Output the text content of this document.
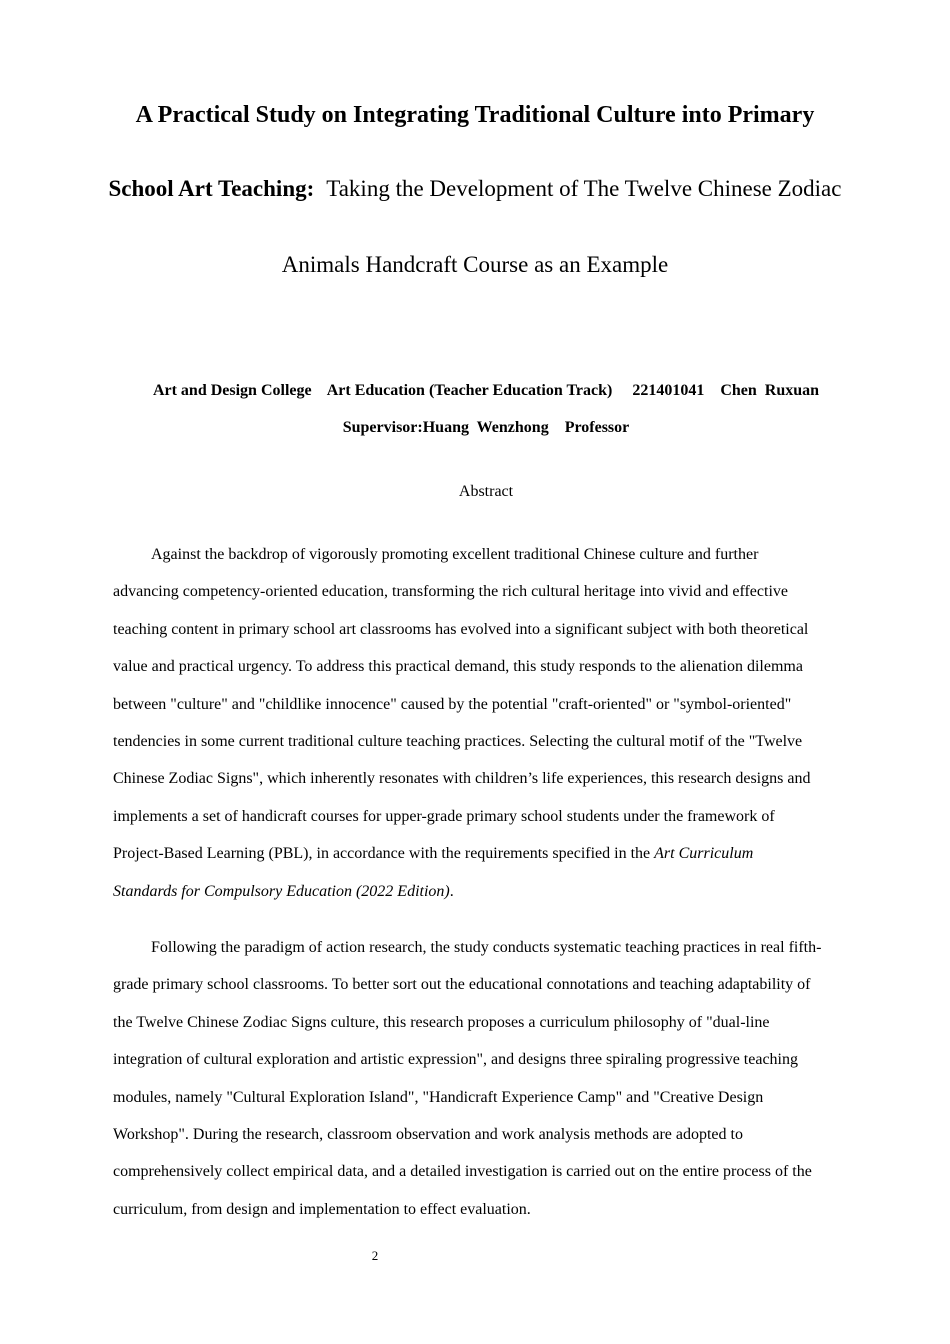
A Practical Study on Integrating Traditional Culture into Primary
School Art Teaching: Taking the Development of The Twelve Chinese Zodiac
Animals Handcraft Course as an Example
Art and Design College    Art Education (Teacher Education Track)     221401041    Chen  Ruxuan
Supervisor:Huang  Wenzhong    Professor
Abstract
Against the backdrop of vigorously promoting excellent traditional Chinese culture and further
advancing competency-oriented education, transforming the rich cultural heritage into vivid and effective
teaching content in primary school art classrooms has evolved into a significant subject with both theoretical
value and practical urgency. To address this practical demand, this study responds to the alienation dilemma
between "culture" and "childlike innocence" caused by the potential "craft-oriented" or "symbol-oriented"
tendencies in some current traditional culture teaching practices. Selecting the cultural motif of the "Twelve
Chinese Zodiac Signs", which inherently resonates with children’s life experiences, this research designs and
implements a set of handicraft courses for upper-grade primary school students under the framework of
Project-Based Learning (PBL), in accordance with the requirements specified in the Art Curriculum
Standards for Compulsory Education (2022 Edition).
Following the paradigm of action research, the study conducts systematic teaching practices in real fifth-
grade primary school classrooms. To better sort out the educational connotations and teaching adaptability of
the Twelve Chinese Zodiac Signs culture, this research proposes a curriculum philosophy of "dual-line
integration of cultural exploration and artistic expression", and designs three spiraling progressive teaching
modules, namely "Cultural Exploration Island", "Handicraft Experience Camp" and "Creative Design
Workshop". During the research, classroom observation and work analysis methods are adopted to
comprehensively collect empirical data, and a detailed investigation is carried out on the entire process of the
curriculum, from design and implementation to effect evaluation.
2
